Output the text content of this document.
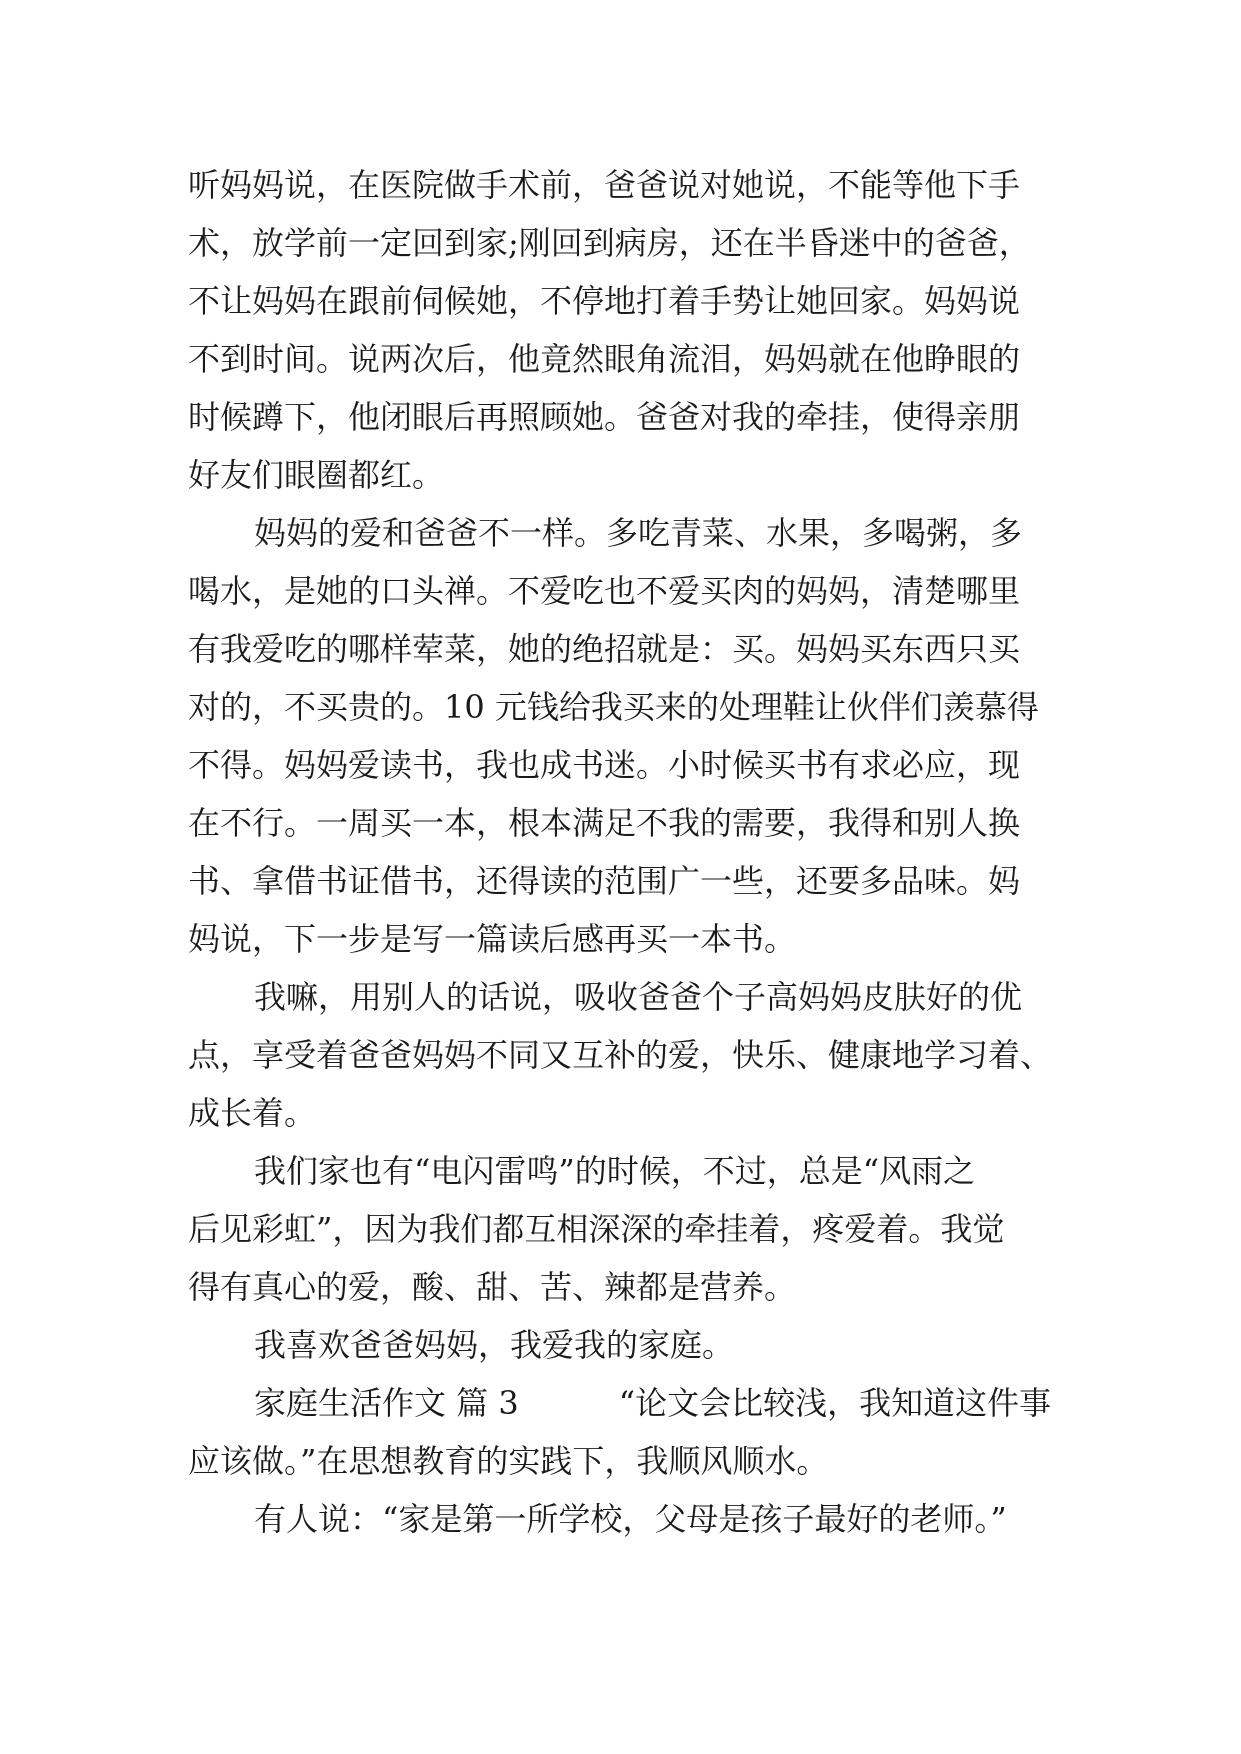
听妈妈说，在医院做手术前，爸爸说对她说，不能等他下手
术，放学前一定回到家;刚回到病房，还在半昏迷中的爸爸，
不让妈妈在跟前伺候她，不停地打着手势让她回家。妈妈说
不到时间。说两次后，他竟然眼角流泪，妈妈就在他睁眼的
时候蹲下，他闭眼后再照顾她。爸爸对我的牵挂，使得亲朋
好友们眼圈都红。
妈妈的爱和爸爸不一样。多吃青菜、水果，多喝粥，多
喝水，是她的口头禅。不爱吃也不爱买肉的妈妈，清楚哪里
有我爱吃的哪样荤菜，她的绝招就是：买。妈妈买东西只买
对的，不买贵的。10 元钱给我买来的处理鞋让伙伴们羡慕得
不得。妈妈爱读书，我也成书迷。小时候买书有求必应，现
在不行。一周买一本，根本满足不我的需要，我得和别人换
书、拿借书证借书，还得读的范围广一些，还要多品味。妈
妈说，下一步是写一篇读后感再买一本书。
我嘛，用别人的话说，吸收爸爸个子高妈妈皮肤好的优
点，享受着爸爸妈妈不同又互补的爱，快乐、健康地学习着、
成长着。
我们家也有“电闪雷鸣”的时候，不过，总是“风雨之
后见彩虹”，因为我们都互相深深的牵挂着，疼爱着。我觉
得有真心的爱，酸、甜、苦、辣都是营养。
我喜欢爸爸妈妈，我爱我的家庭。
家庭生活作文 篇 3	“论文会比较浅，我知道这件事
应该做。”在思想教育的实践下，我顺风顺水。
有人说：“家是第一所学校，父母是孩子最好的老师。”
